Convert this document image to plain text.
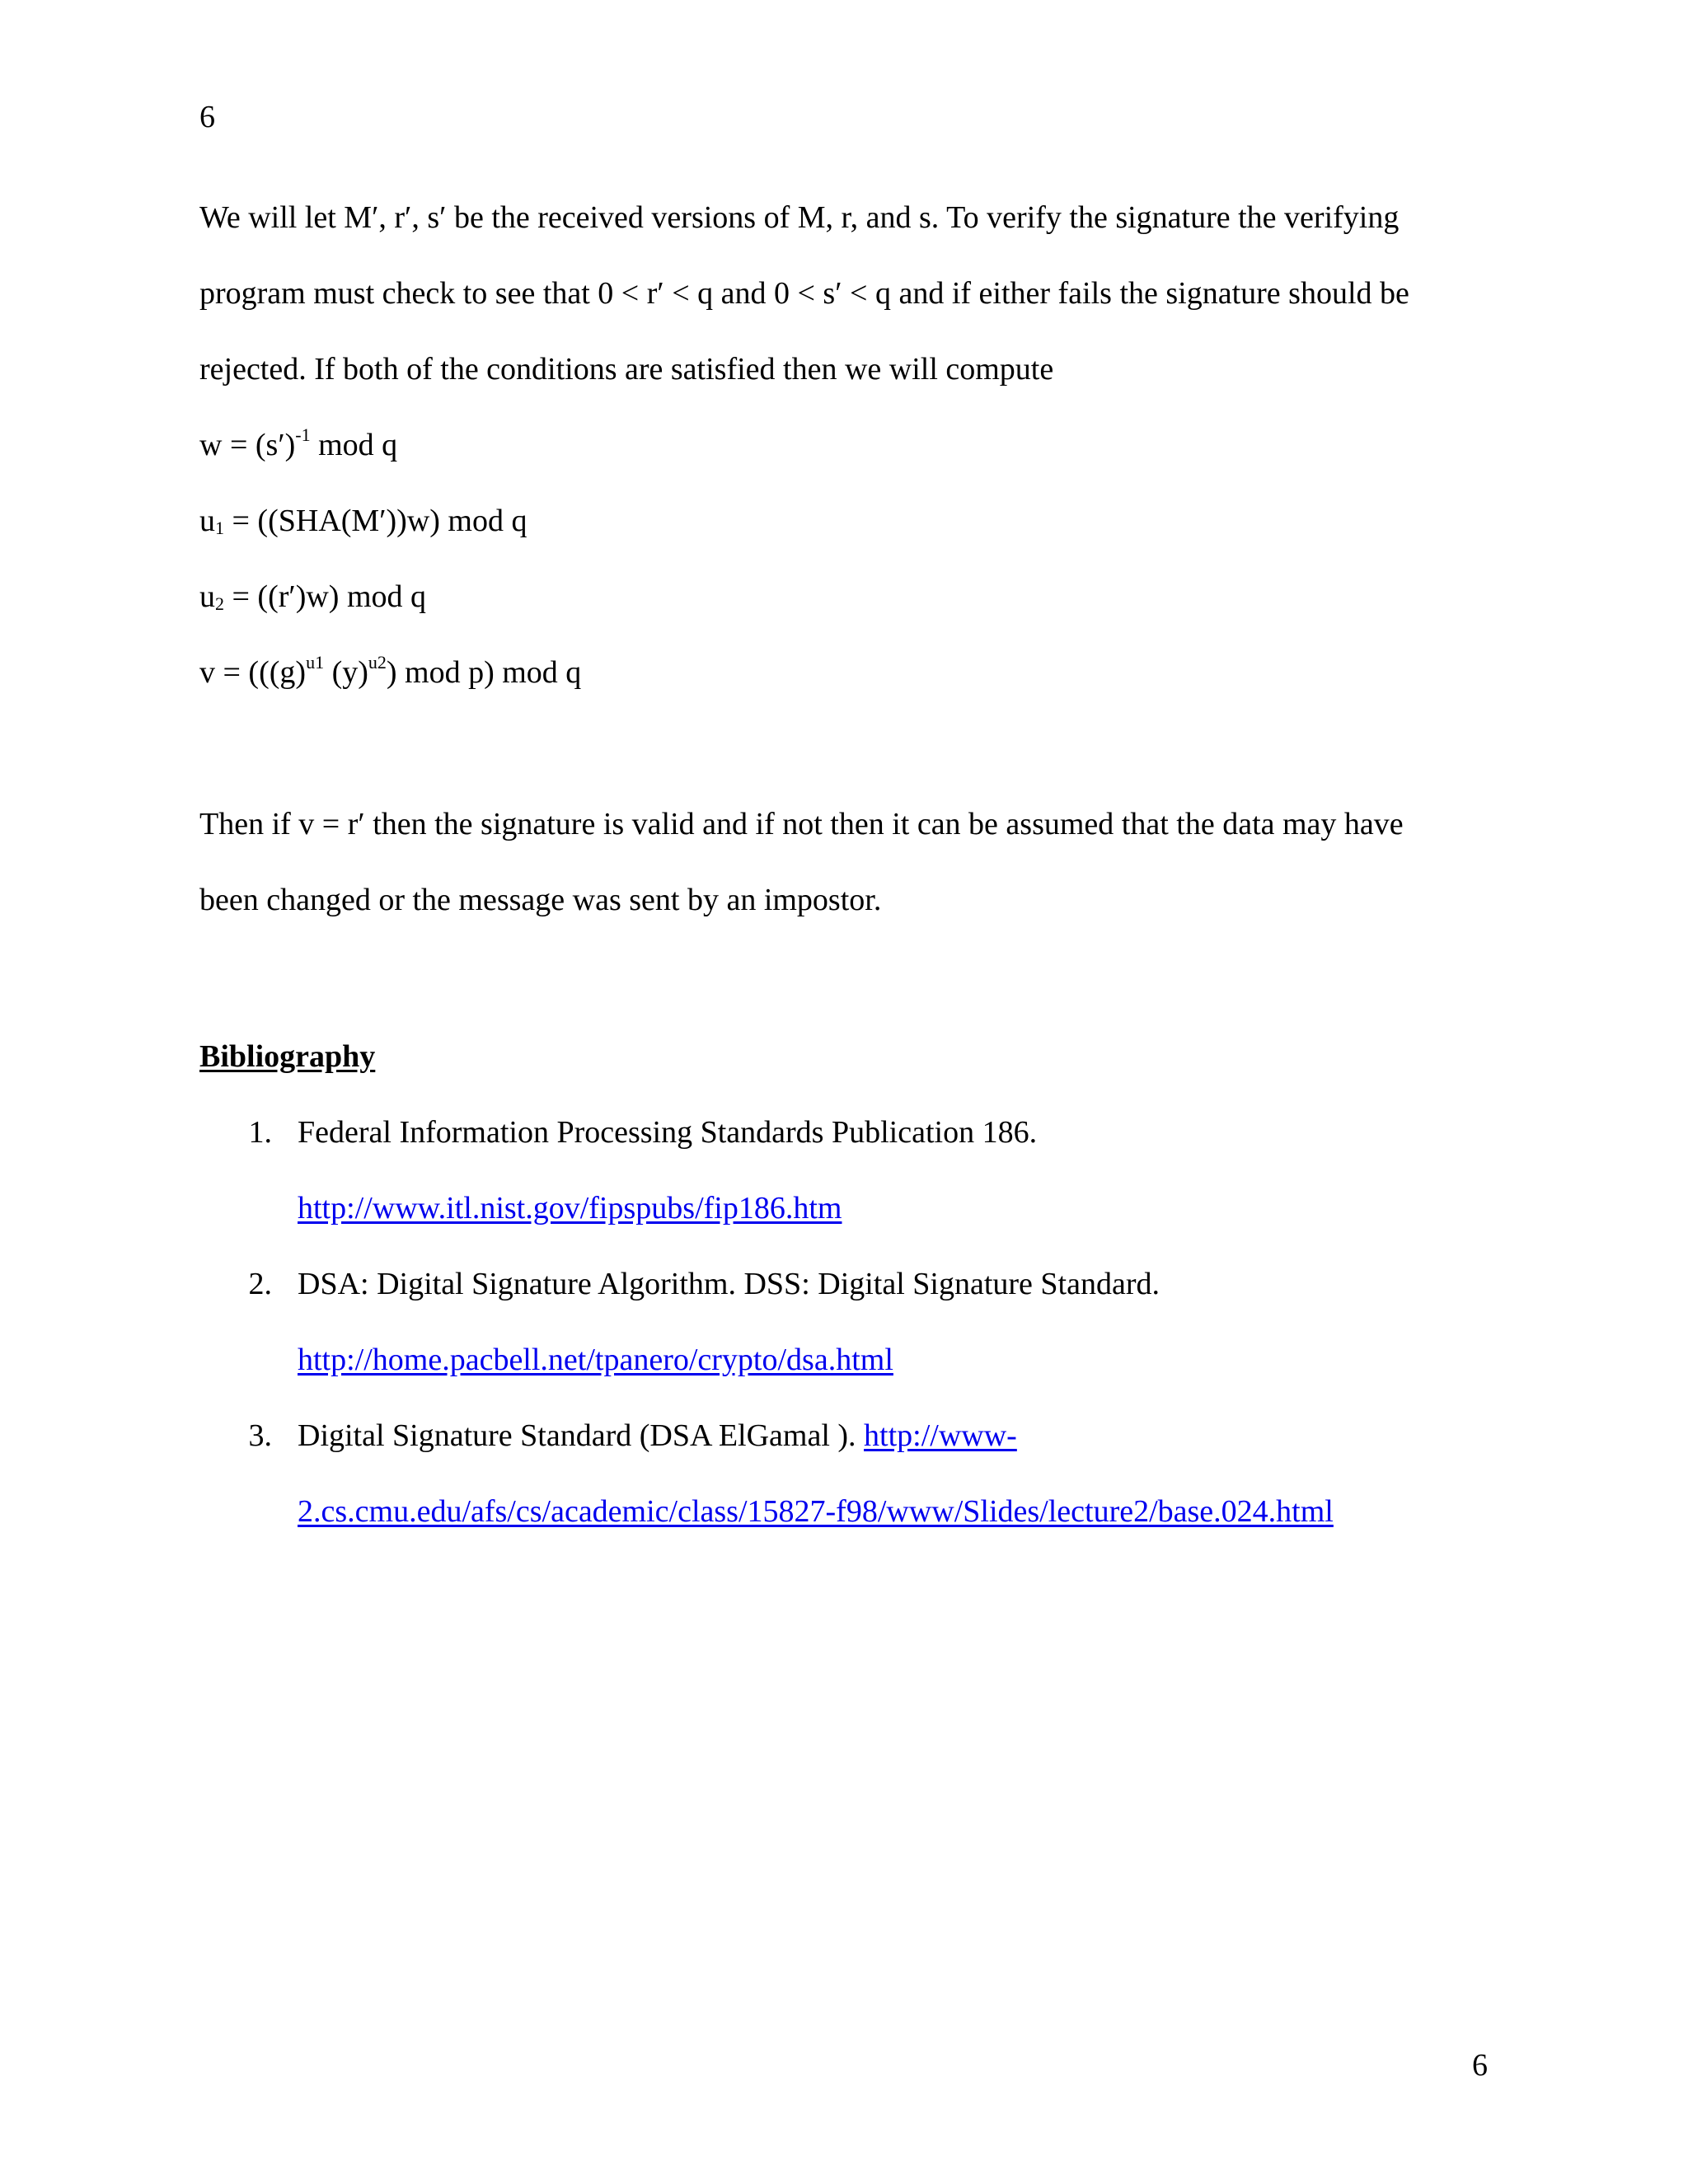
6
We will let M′, r′, s′ be the received versions of M, r, and s. To verify the signature the verifying
program must check to see that 0 < r′ < q and 0 < s′ < q and if either fails the signature should be
rejected. If both of the conditions are satisfied then we will compute
$w = (s')^{-1}$ mod q
$u_1 = ((SHA(M'))w)$ mod q
$u_2 = ((r')w)$ mod q
$v = (((g)^{u1}$ $(y)^{u2}$) mod p) mod q
Then if v = r′ then the signature is valid and if not then it can be assumed that the data may have
been changed or the message was sent by an impostor.
Bibliography
1. Federal Information Processing Standards Publication 186.
http://www.itl.nist.gov/fipspubs/fip186.htm
2. DSA: Digital Signature Algorithm. DSS: Digital Signature Standard.
http://home.pacbell.net/tpanero/crypto/dsa.html
3. Digital Signature Standard (DSA ElGamal ). http://www-
2.cs.cmu.edu/afs/cs/academic/class/15827-f98/www/Slides/lecture2/base.024.html
6
